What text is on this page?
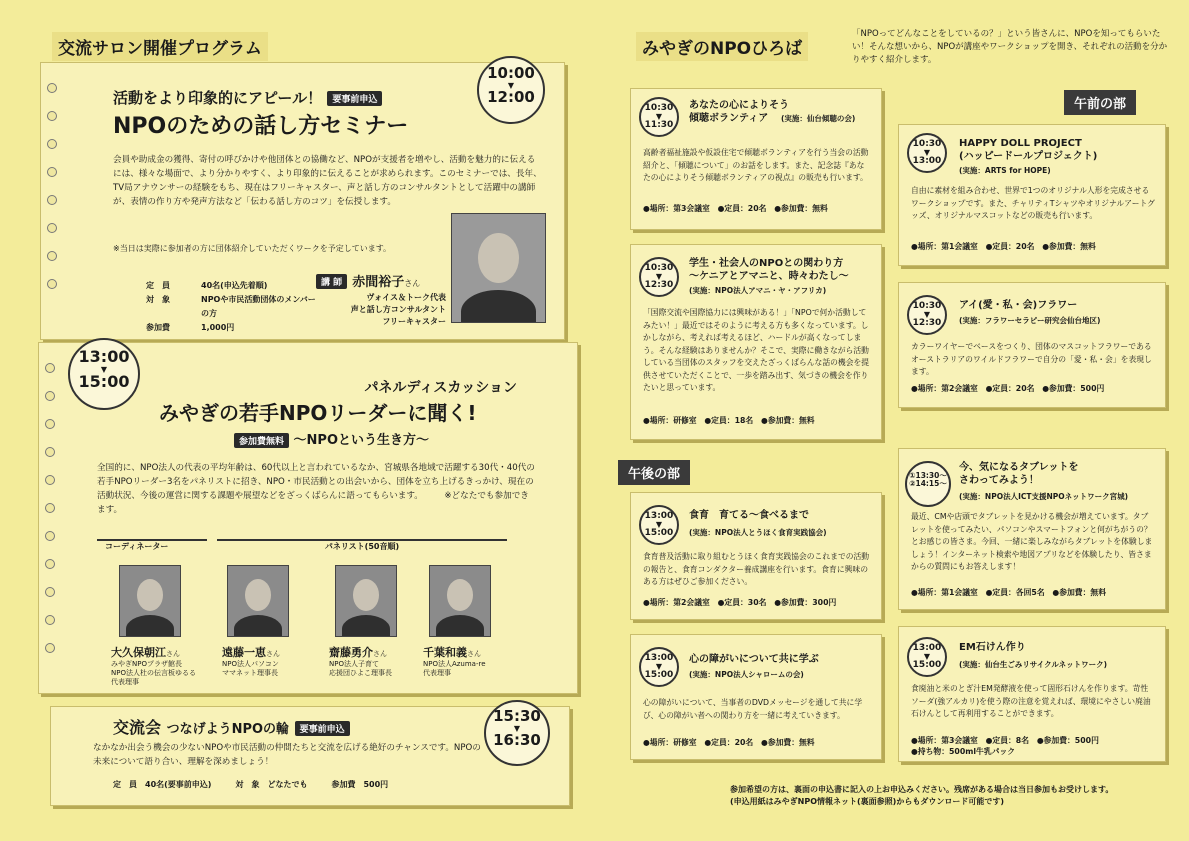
交流サロン開催プログラム
活動をより印象的にアピール！ 要事前申込
NPOのための話し方セミナー
会員や助成金の獲得、寄付の呼びかけや他団体との協働など、NPOが支援者を増やし、活動を魅力的に伝えるには、様々な場面で、より分かりやすく、より印象的に伝えることが求められます。このセミナーでは、長年、TV局アナウンサーの経験をもち、現在はフリーキャスター、声と話し方のコンサルタントとして活躍中の講師が、表情の作り方や発声方法など「伝わる話し方のコツ」を伝授します。
※当日は実際に参加者の方に団体紹介していただくワークを予定しています。
定　員	40名(申込先着順)
対　象	NPOや市民活動団体のメンバーの方
参加費	1,000円
講 師 赤間裕子さん
ヴォイス＆トーク代表
声と話し方コンサルタント
フリーキャスター
10:00
▼
12:00
パネルディスカッション
みやぎの若手NPOリーダーに聞く!
参加費無料 ～NPOという生き方～
全国的に、NPO法人の代表の平均年齢は、60代以上と言われているなか、宮城県各地域で活躍する30代・40代の若手NPOリーダー3名をパネリストに招き、NPO・市民活動との出会いから、団体を立ち上げるきっかけ、現在の活動状況、今後の運営に関する課題や展望などをざっくばらんに語ってもらいます。　　　※どなたでも参加できます。
コーディネーター	パネリスト(50音順)
大久保朝江さん
みやぎNPOプラザ館長
NPO法人杜の伝言板ゆるる
代表理事
遠藤一恵さん
NPO法人パソコン
ママネット理事長
齋藤勇介さん
NPO法人子育て
応援団ひよこ理事長
千葉和義さん
NPO法人Azuma-re
代表理事
13:00
▼
15:00
交流会 つなげようNPOの輪 要事前申込
なかなか出会う機会の少ないNPOや市民活動の仲間たちと交流を広げる絶好のチャンスです。NPOの未来について語り合い、理解を深めましょう！
定　員　 40名(要事前申込)	対　象　 どなたでも	参加費　 500円
15:30
▼
16:30
みやぎのNPOひろば
「NPOってどんなことをしているの？」という皆さんに、NPOを知ってもらいたい！そんな想いから、NPOが講座やワークショップを開き、それぞれの活動を分かりやすく紹介します。
午前の部
午後の部
10:30
▼
11:30
あなたの心によりそう
傾聴ボランティア	(実施：仙台傾聴の会)
高齢者福祉施設や仮設住宅で傾聴ボランティアを行う当会の活動紹介と、「傾聴について」のお話をします。また、記念誌『あなたの心によりそう傾聴ボランティアの視点』の販売も行います。
●場所：第3会議室　●定員：20名　●参加費：無料
10:30
▼
12:30
学生・社会人のNPOとの関わり方
～ケニアとアマニと、時々わたし～
(実施：NPO法人アマニ・ヤ・アフリカ)
「国際交流や国際協力には興味がある！」「NPOで何か活動してみたい！」最近ではそのように考える方も多くなっています。しかしながら、考えれば考えるほど、ハードルが高くなってしまう。そんな経験はありませんか？そこで、実際に働きながら活動している当団体のスタッフを交えたざっくばらんな話の機会を提供させていただくことで、一歩を踏み出す、気づきの機会を作りたいと思っています。
●場所：研修室　●定員：18名　●参加費：無料
10:30
▼
13:00
HAPPY DOLL PROJECT
(ハッピードールプロジェクト)
(実施：ARTS for HOPE)
自由に素材を組み合わせ、世界で1つのオリジナル人形を完成させるワークショップです。また、チャリティTシャツやオリジナルアートグッズ、オリジナルマスコットなどの販売も行います。
●場所：第1会議室　●定員：20名　●参加費：無料
10:30
▼
12:30
アイ(愛・私・会)フラワー
(実施：フラワーセラピー研究会仙台地区)
カラーワイヤーでベースをつくり、団体のマスコットフラワーであるオーストラリアのワイルドフラワーで自分の「愛・私・会」を表現します。
●場所：第2会議室　●定員：20名　●参加費：500円
13:00
▼
15:00
食育　育てる～食べるまで
(実施：NPO法人とうほく食育実践協会)
食育普及活動に取り組むとうほく食育実践協会のこれまでの活動の報告と、食育コンダクター養成講座を行います。食育に興味のある方はぜひご参加ください。
●場所：第2会議室　●定員：30名　●参加費：300円
13:00
▼
15:00
心の障がいについて共に学ぶ
(実施：NPO法人シャロームの会)
心の障がいについて、当事者のDVDメッセージを通して共に学び、心の障がい者への関わり方を一緒に考えていきます。
●場所：研修室　●定員：20名　●参加費：無料
①13:30～
②14:15～
今、気になるタブレットを
さわってみよう！
(実施：NPO法人ICT支援NPOネットワーク宮城)
最近、CMや店頭でタブレットを見かける機会が増えています。タブレットを使ってみたい、パソコンやスマートフォンと何がちがうの？とお感じの皆さま。今回、一緒に楽しみながらタブレットを体験しましょう！インターネット検索や地図アプリなどを体験したり、皆さまからの質問にもお答えします！
●場所：第1会議室　●定員：各回5名　●参加費：無料
13:00
▼
15:00
EM石けん作り
(実施：仙台生ごみリサイクルネットワーク)
食廃油と米のとぎ汁EM発酵液を使って固形石けんを作ります。苛性ソーダ(強アルカリ)を使う際の注意を覚えれば、環境にやさしい廃油石けんとして再利用することができます。
●場所：第3会議室　●定員：8名　●参加費：500円
●持ち物：500ml牛乳パック
参加希望の方は、裏面の申込書に記入の上お申込みください。残席がある場合は当日参加もお受けします。
(申込用紙はみやぎNPO情報ネット(裏面参照)からもダウンロード可能です)
